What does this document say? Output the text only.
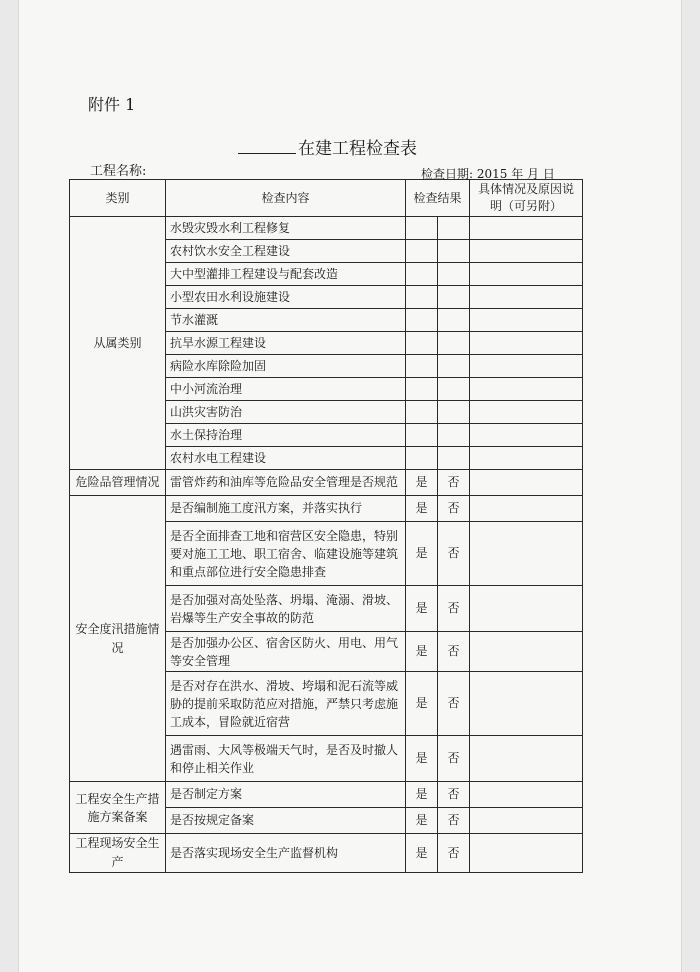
附件 1
在建工程检查表
工程名称:	检查日期: 2015 年 月 日
类别	检查内容	检查结果		具体情况及原因说明（可另附）
从属类别	水毁灾毁水利工程修复			
	农村饮水安全工程建设			
	大中型灌排工程建设与配套改造			
	小型农田水利设施建设			
	节水灌溉			
	抗旱水源工程建设			
	病险水库除险加固			
	中小河流治理			
	山洪灾害防治			
	水土保持治理			
	农村水电工程建设			
危险品管理情况	雷管炸药和油库等危险品安全管理是否规范	是	否	
安全度汛措施情况	是否编制施工度汛方案，并落实执行	是	否	
	是否全面排查工地和宿营区安全隐患，特别要对施工工地、职工宿舍、临建设施等建筑和重点部位进行安全隐患排查	是	否	
	是否加强对高处坠落、坍塌、淹溺、滑坡、岩爆等生产安全事故的防范	是	否	
	是否加强办公区、宿舍区防火、用电、用气等安全管理	是	否	
	是否对存在洪水、滑坡、垮塌和泥石流等威胁的提前采取防范应对措施，严禁只考虑施工成本，冒险就近宿营	是	否	
	遇雷雨、大风等极端天气时，是否及时撤人和停止相关作业	是	否	
工程安全生产措施方案备案	是否制定方案	是	否	
	是否按规定备案	是	否	
工程现场安全生产	是否落实现场安全生产监督机构	是	否	
